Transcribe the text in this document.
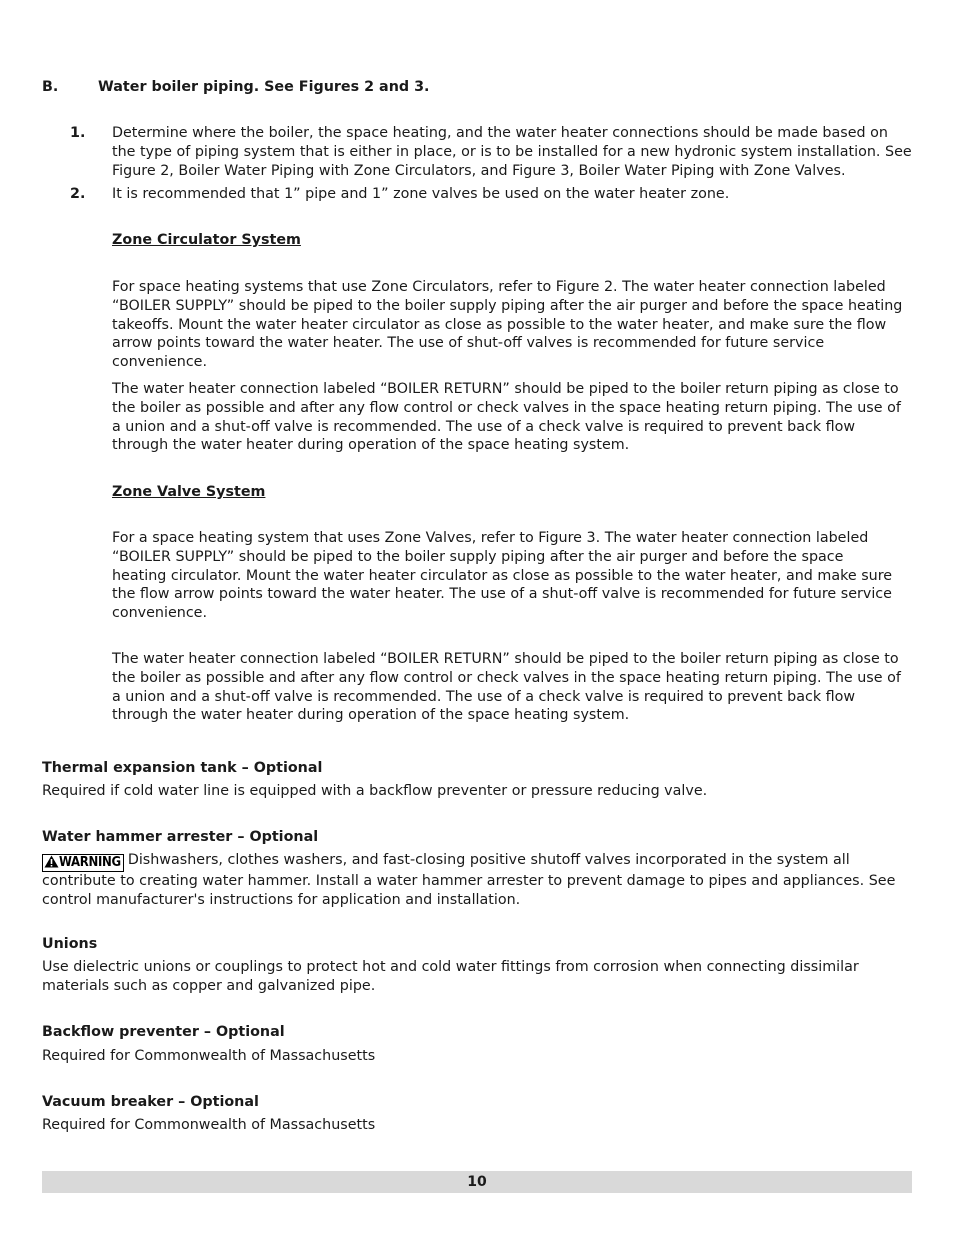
B.	Water boiler piping. See Figures 2 and 3.
1. Determine where the boiler, the space heating, and the water heater connections should be made based on the type of piping system that is either in place, or is to be installed for a new hydronic system installation. See Figure 2, Boiler Water Piping with Zone Circulators, and Figure 3, Boiler Water Piping with Zone Valves.

2. It is recommended that 1” pipe and 1” zone valves be used on the water heater zone.

Zone Circulator System

For space heating systems that use Zone Circulators, refer to Figure 2. The water heater connection labeled “BOILER SUPPLY” should be piped to the boiler supply piping after the air purger and before the space heating takeoffs. Mount the water heater circulator as close as possible to the water heater, and make sure the flow arrow points toward the water heater. The use of shut-off valves is recommended for future service convenience.

The water heater connection labeled “BOILER RETURN” should be piped to the boiler return piping as close to the boiler as possible and after any flow control or check valves in the space heating return piping. The use of a union and a shut-off valve is recommended. The use of a check valve is required to prevent back flow through the water heater during operation of the space heating system.

Zone Valve System

For a space heating system that uses Zone Valves, refer to Figure 3. The water heater connection labeled “BOILER SUPPLY” should be piped to the boiler supply piping after the air purger and before the space heating circulator. Mount the water heater circulator as close as possible to the water heater, and make sure the flow arrow points toward the water heater. The use of a shut-off valve is recommended for future service convenience.

The water heater connection labeled “BOILER RETURN” should be piped to the boiler return piping as close to the boiler as possible and after any flow control or check valves in the space heating return piping. The use of a union and a shut-off valve is recommended. The use of a check valve is required to prevent back flow through the water heater during operation of the space heating system.

Thermal expansion tank – Optional

Required if cold water line is equipped with a backflow preventer or pressure reducing valve.

Water hammer arrester – Optional
WARNING Dishwashers, clothes washers, and fast-closing positive shutoff valves incorporated in the system all contribute to creating water hammer. Install a water hammer arrester to prevent damage to pipes and appliances. See control manufacturer's instructions for application and installation.
Unions

Use dielectric unions or couplings to protect hot and cold water fittings from corrosion when connecting dissimilar materials such as copper and galvanized pipe.

Backflow preventer – Optional

Required for Commonwealth of Massachusetts

Vacuum breaker – Optional

Required for Commonwealth of Massachusetts

10
